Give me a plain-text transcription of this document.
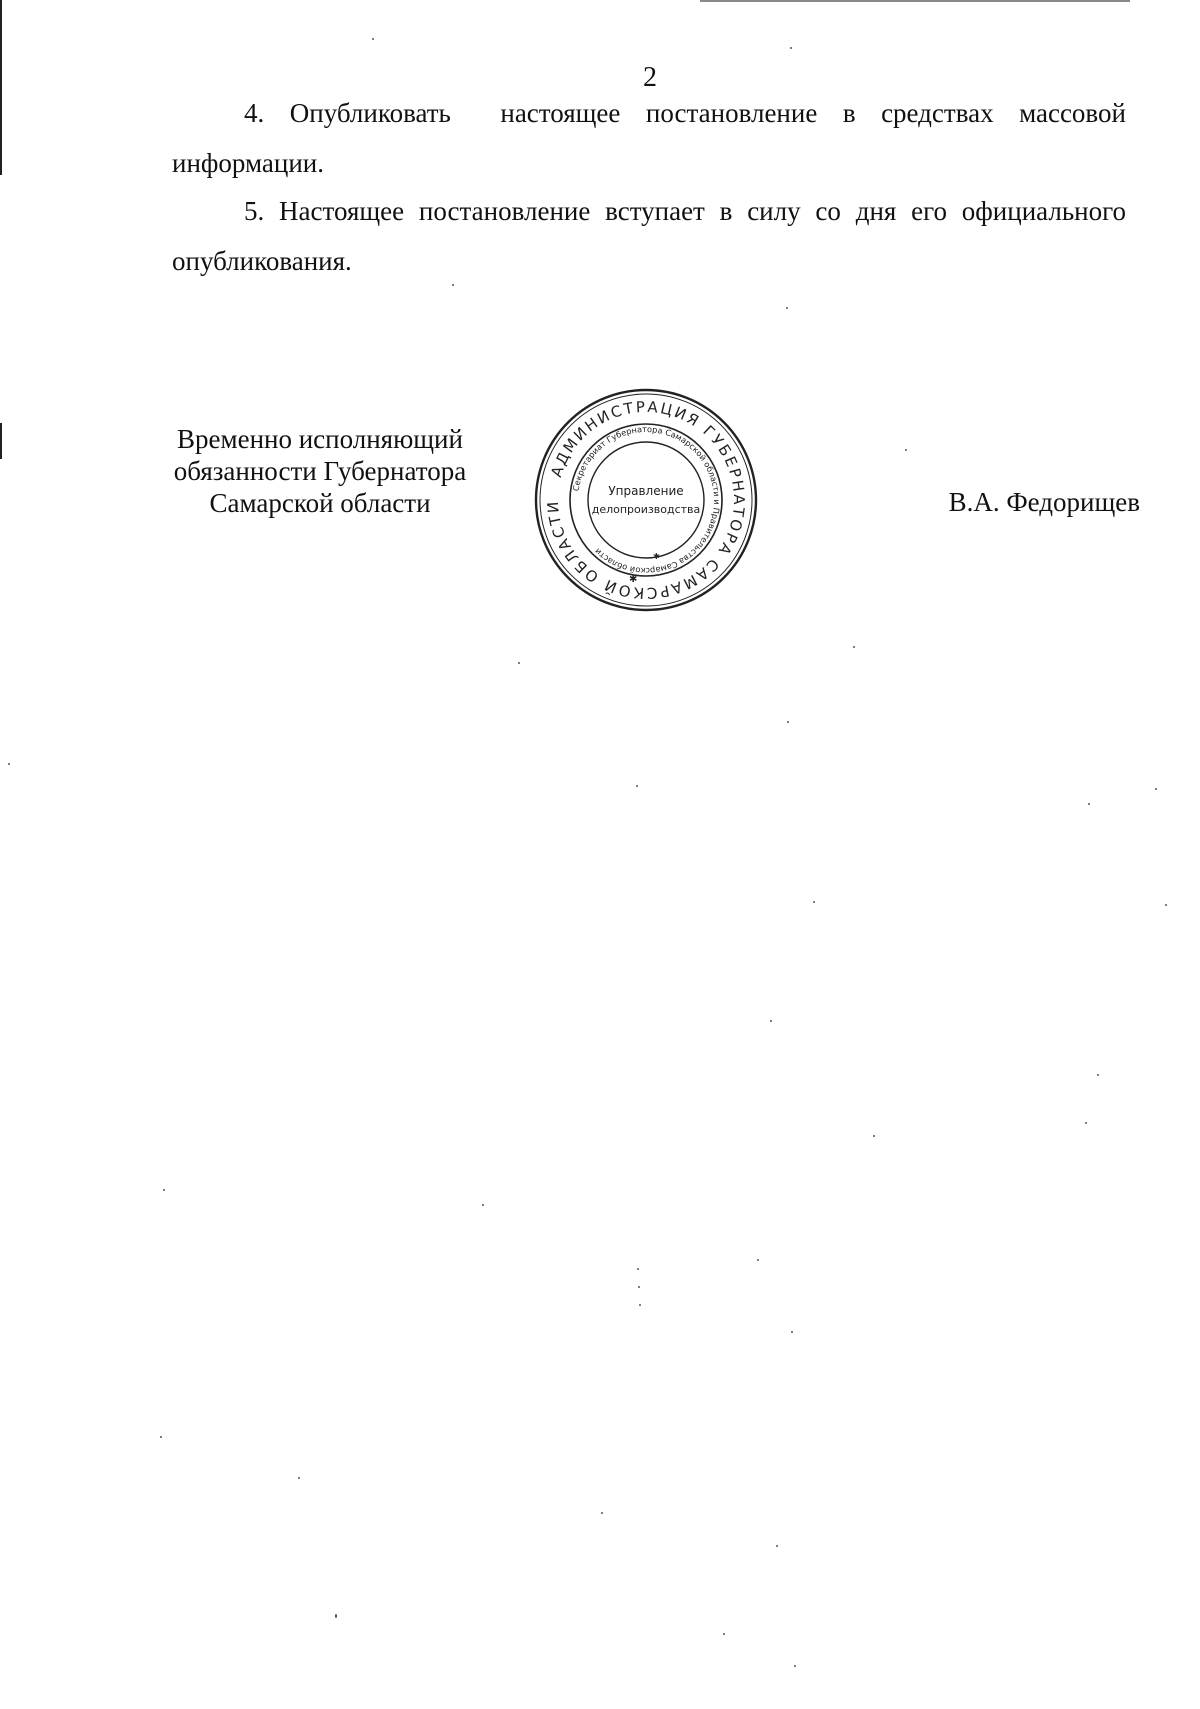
2
4. Опубликовать настоящее постановление в средствах массовой
информации.
5. Настоящее постановление вступает в силу со дня его официального
опубликования.
Временно исполняющий
обязанности Губернатора
Самарской области	В.А. Федорищев
АДМИНИСТРАЦИЯ ГУБЕРНАТОРА САМАРСКОЙ ОБЛАСТИ
Секретариат Губернатора Самарской области и Правительства Самарской области
Управление
делопроизводства
✱
✱
